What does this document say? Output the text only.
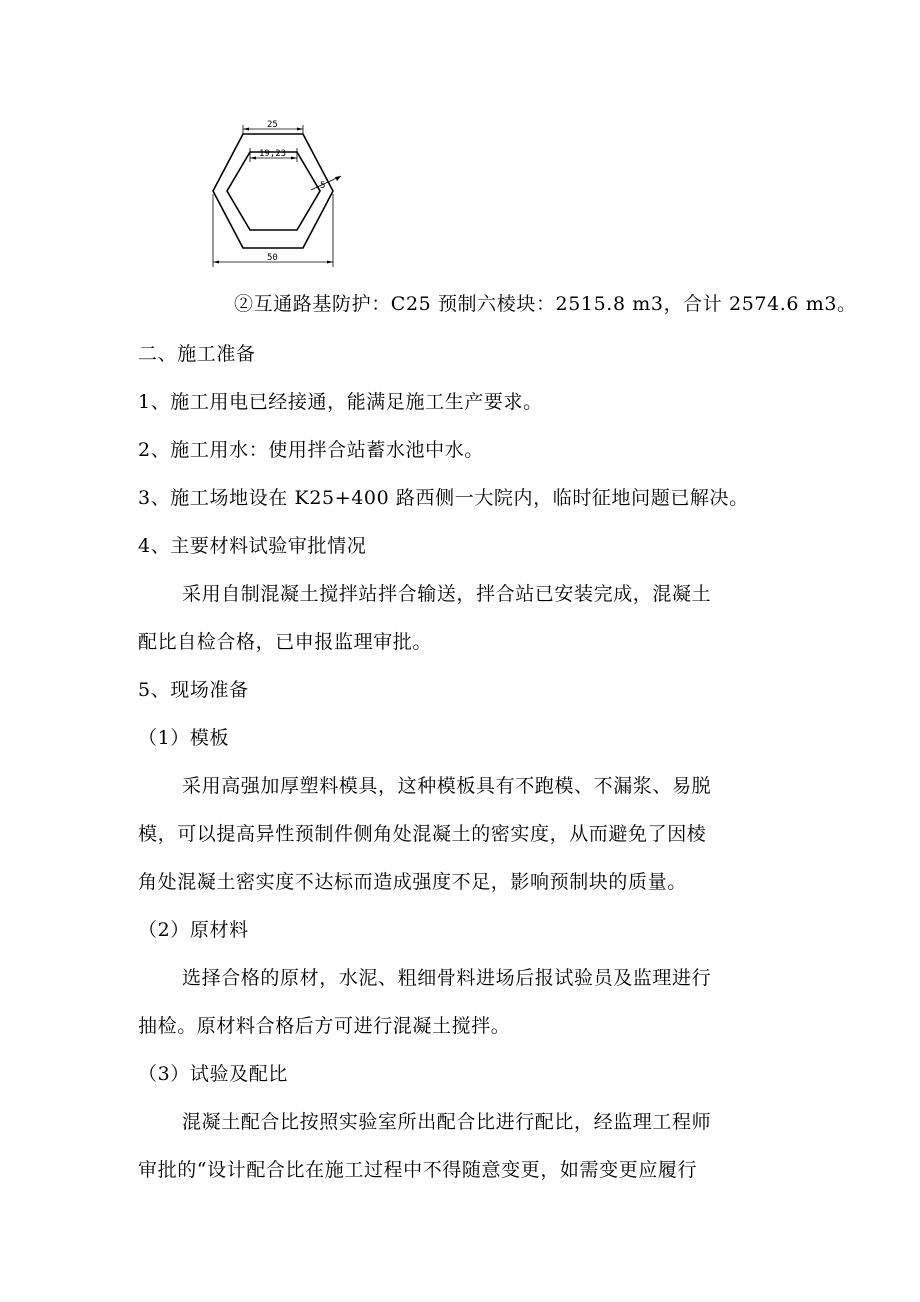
25
19,23
5
50
②互通路基防护：C25 预制六棱块：2515.8 m3，合计 2574.6 m3。
二、施工准备
1、施工用电已经接通，能满足施工生产要求。
2、施工用水：使用拌合站蓄水池中水。
3、施工场地设在 K25+400 路西侧一大院内，临时征地问题已解决。
4、主要材料试验审批情况
采用自制混凝土搅拌站拌合输送，拌合站已安装完成，混凝土
配比自检合格，已申报监理审批。
5、现场准备
（1）模板
采用高强加厚塑料模具，这种模板具有不跑模、不漏浆、易脱
模，可以提高异性预制件侧角处混凝土的密实度，从而避免了因棱
角处混凝土密实度不达标而造成强度不足，影响预制块的质量。
（2）原材料
选择合格的原材，水泥、粗细骨料进场后报试验员及监理进行
抽检。原材料合格后方可进行混凝土搅拌。
（3）试验及配比
混凝土配合比按照实验室所出配合比进行配比，经监理工程师
审批的“设计配合比在施工过程中不得随意变更，如需变更应履行
